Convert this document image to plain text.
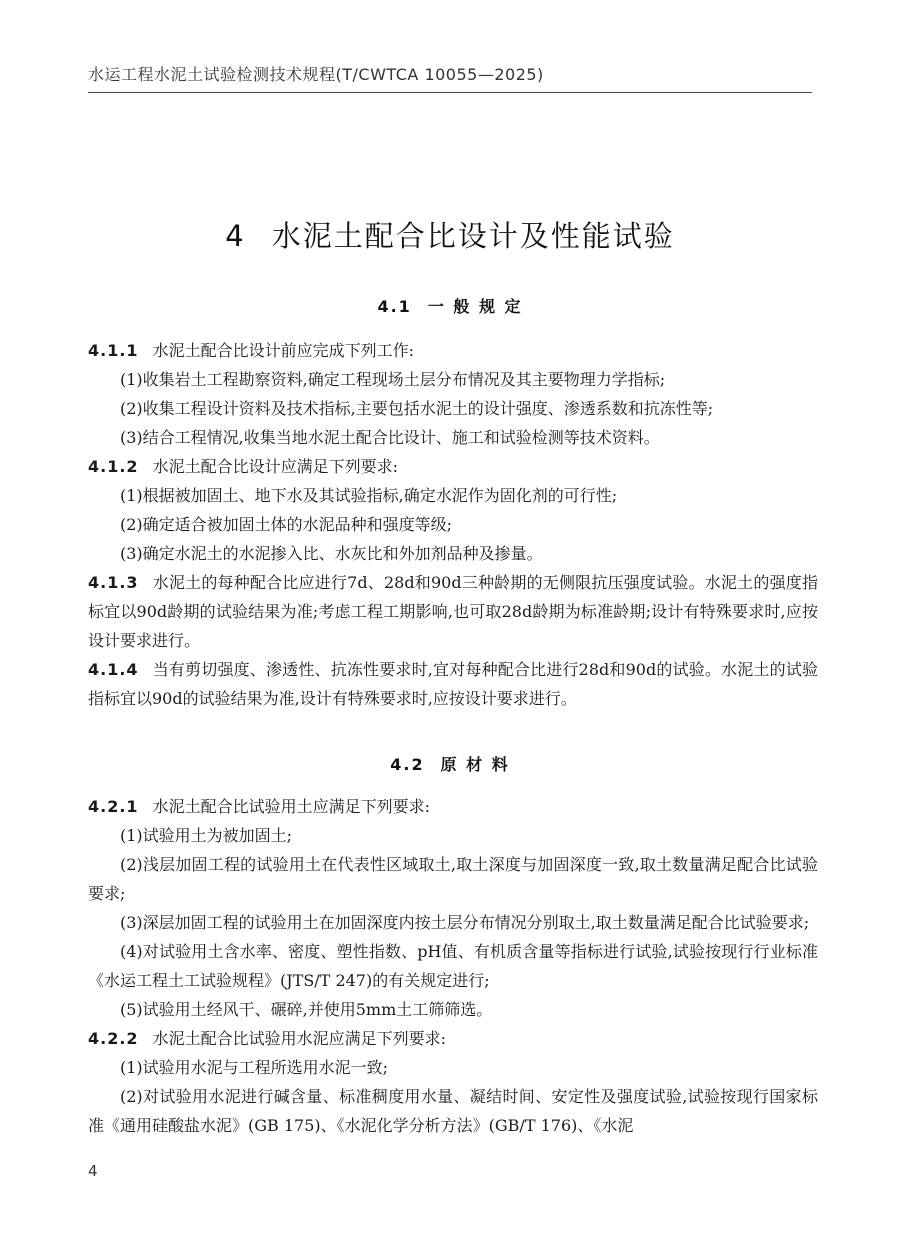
水运工程水泥土试验检测技术规程(T/CWTCA 10055—2025)
4 水泥土配合比设计及性能试验
4.1 一 般 规 定

4.1.1 水泥土配合比设计前应完成下列工作:

(1)收集岩土工程勘察资料,确定工程现场土层分布情况及其主要物理力学指标;

(2)收集工程设计资料及技术指标,主要包括水泥土的设计强度、渗透系数和抗冻性等;

(3)结合工程情况,收集当地水泥土配合比设计、施工和试验检测等技术资料。

4.1.2 水泥土配合比设计应满足下列要求:

(1)根据被加固土、地下水及其试验指标,确定水泥作为固化剂的可行性;

(2)确定适合被加固土体的水泥品种和强度等级;

(3)确定水泥土的水泥掺入比、水灰比和外加剂品种及掺量。

4.1.3 水泥土的每种配合比应进行7d、28d和90d三种龄期的无侧限抗压强度试验。水泥土的强度指标宜以90d龄期的试验结果为准;考虑工程工期影响,也可取28d龄期为标准龄期;设计有特殊要求时,应按设计要求进行。

4.1.4 当有剪切强度、渗透性、抗冻性要求时,宜对每种配合比进行28d和90d的试验。水泥土的试验指标宜以90d的试验结果为准,设计有特殊要求时,应按设计要求进行。

4.2 原 材 料

4.2.1 水泥土配合比试验用土应满足下列要求:

(1)试验用土为被加固土;

(2)浅层加固工程的试验用土在代表性区域取土,取土深度与加固深度一致,取土数量满足配合比试验要求;

(3)深层加固工程的试验用土在加固深度内按土层分布情况分别取土,取土数量满足配合比试验要求;

(4)对试验用土含水率、密度、塑性指数、pH值、有机质含量等指标进行试验,试验按现行行业标准《水运工程土工试验规程》(JTS/T 247)的有关规定进行;

(5)试验用土经风干、碾碎,并使用5mm土工筛筛选。

4.2.2 水泥土配合比试验用水泥应满足下列要求:

(1)试验用水泥与工程所选用水泥一致;

(2)对试验用水泥进行碱含量、标准稠度用水量、凝结时间、安定性及强度试验,试验按现行国家标准《通用硅酸盐水泥》(GB 175)、《水泥化学分析方法》(GB/T 176)、《水泥

4
